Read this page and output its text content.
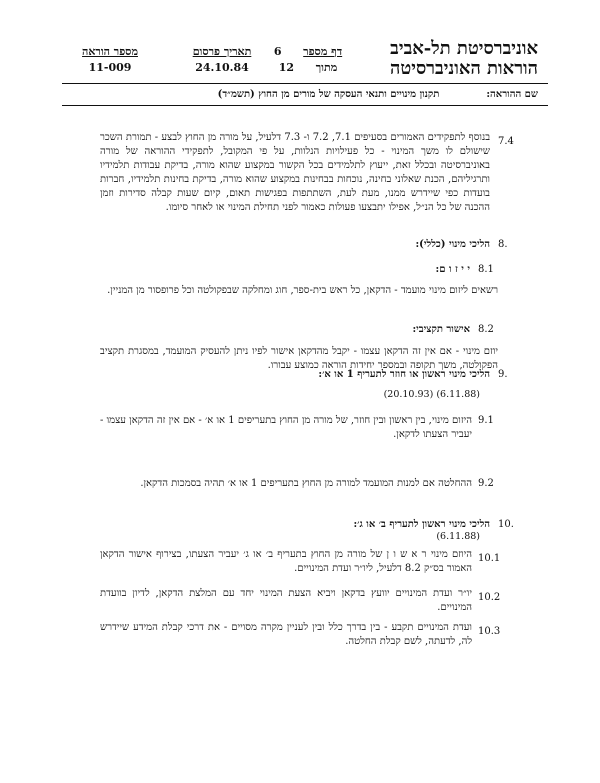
אוניברסיטת תל-אביב
הוראות האוניברסיטה
דף מספר  6
מתוך  12
תאריך פרסום
24.10.84
מספר הוראה
11-009
שם ההוראה:  תקנון מינויים ותנאי העסקה של מורים מן החוץ (תשמ״ד)
7.4
בנוסף לתפקידים האמורים בסעיפים 7.1, 7.2 ו- 7.3 דלעיל, על מורה מן החוץ לבצע - תמורת השכר שישולם לו משך המינוי - כל פעילויות הנלוות, על פי המקובל, לתפקידי ההוראה של מורה באוניברסיטה ובכלל זאת, ייעוץ לתלמידים בכל הקשור במקצוע שהוא מורה, בדיקת עבודות תלמידיו ותרגיליהם, הכנת שאלוני בחינה, נוכחות בבחינות במקצוע שהוא מורה, בדיקת בחינות תלמידיו, חברות בועדות כפי שיידרש ממנו, מעת לעת, השתתפות בפגישות תאום, קיום שעות קבלה סדירות וזמן ההכנה של כל הנ״ל, אפילו יתבצעו פעולות כאמור לפני תחילת המינוי או לאחר סיומו.
8.
הליכי מינוי (כללי):
8.1
י י ז ו ם:
רשאים ליזום מינוי מועמד - הדקאן, כל ראש בית-ספר, חוג ומחלקה שבפקולטה וכל פרופסור מן המניין.
8.2
אישור תקציבי:
יוזם מינוי - אם אין זה הדקאן עצמו - יקבל מהדקאן אישור לפיו ניתן להעסיק המועמד, במסגרת תקציב הפקולטה, משך תקופה ובמספר יחידות הוראה כמוצע עבורו.
9.
הליכי מינוי ראשון או חוזר לתעריף 1 או א׳:
(20.10.93) (6.11.88)
9.1
היזום מינוי, בין ראשון ובין חוזר, של מורה מן החוץ בתעריפים 1 או א׳ - אם אין זה הדקאן עצמו - יעביר הצעתו לדקאן.
9.2
ההחלטה אם למנות המועמד למורה מן החוץ בתעריפים 1 או א׳ תהיה בסמכות הדקאן.
10.
הליכי מינוי ראשון לתעריף ב׳ או ג׳:
(6.11.88)
10.1
היוזם מינוי ר א ש ו ן של מורה מן החוץ בתעריף ב׳ או ג׳ יעביר הצעתו, בצירוף אישור הדקאן האמור בס״ק 8.2 דלעיל, ליו״ר ועדת המינויים.
10.2
יו״ר ועדת המינויים יוועץ בדקאן ויביא הצעת המינוי יחד עם המלצת הדקאן, לדיון בוועדת המינויים.
10.3
ועדת המינויים תקבע - בין בדרך כלל ובין לעניין מקרה מסויים - את דרכי קבלת המידע שיידרש לה, לדעתה, לשם קבלת החלטה.
